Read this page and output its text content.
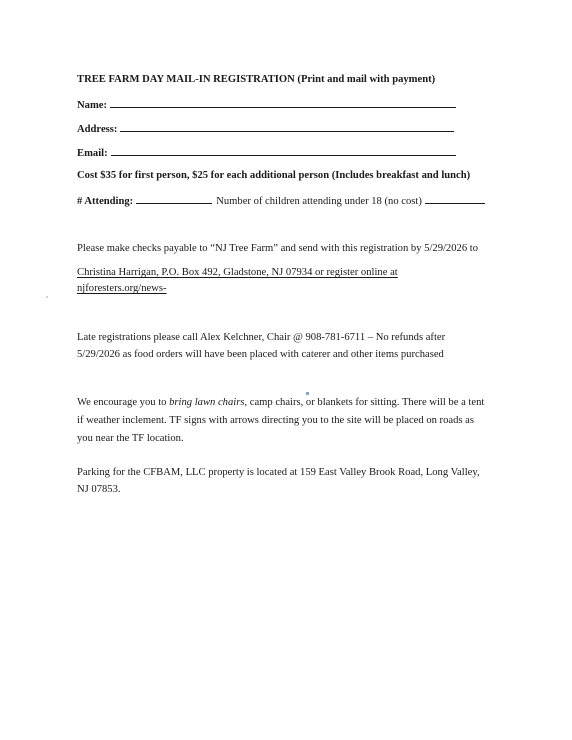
TREE FARM DAY MAIL-IN REGISTRATION (Print and mail with payment)
Name:
Address:
Email:
Cost $35 for first person, $25 for each additional person (Includes breakfast and lunch)
# Attending:	Number of children attending under 18 (no cost)
Please make checks payable to “NJ Tree Farm” and send with this registration by 5/29/2026 to
Christina Harrigan, P.O. Box 492, Gladstone, NJ 07934 or register online at
njforesters.org/news-
Late registrations please call Alex Kelchner, Chair @ 908-781-6711 – No refunds after
5/29/2026 as food orders will have been placed with caterer and other items purchased
We encourage you to bring lawn chairs, camp chairs, or blankets for sitting. There will be a tent
if weather inclement. TF signs with arrows directing you to the site will be placed on roads as
you near the TF location.
Parking for the CFBAM, LLC property is located at 159 East Valley Brook Road, Long Valley,
NJ 07853.
